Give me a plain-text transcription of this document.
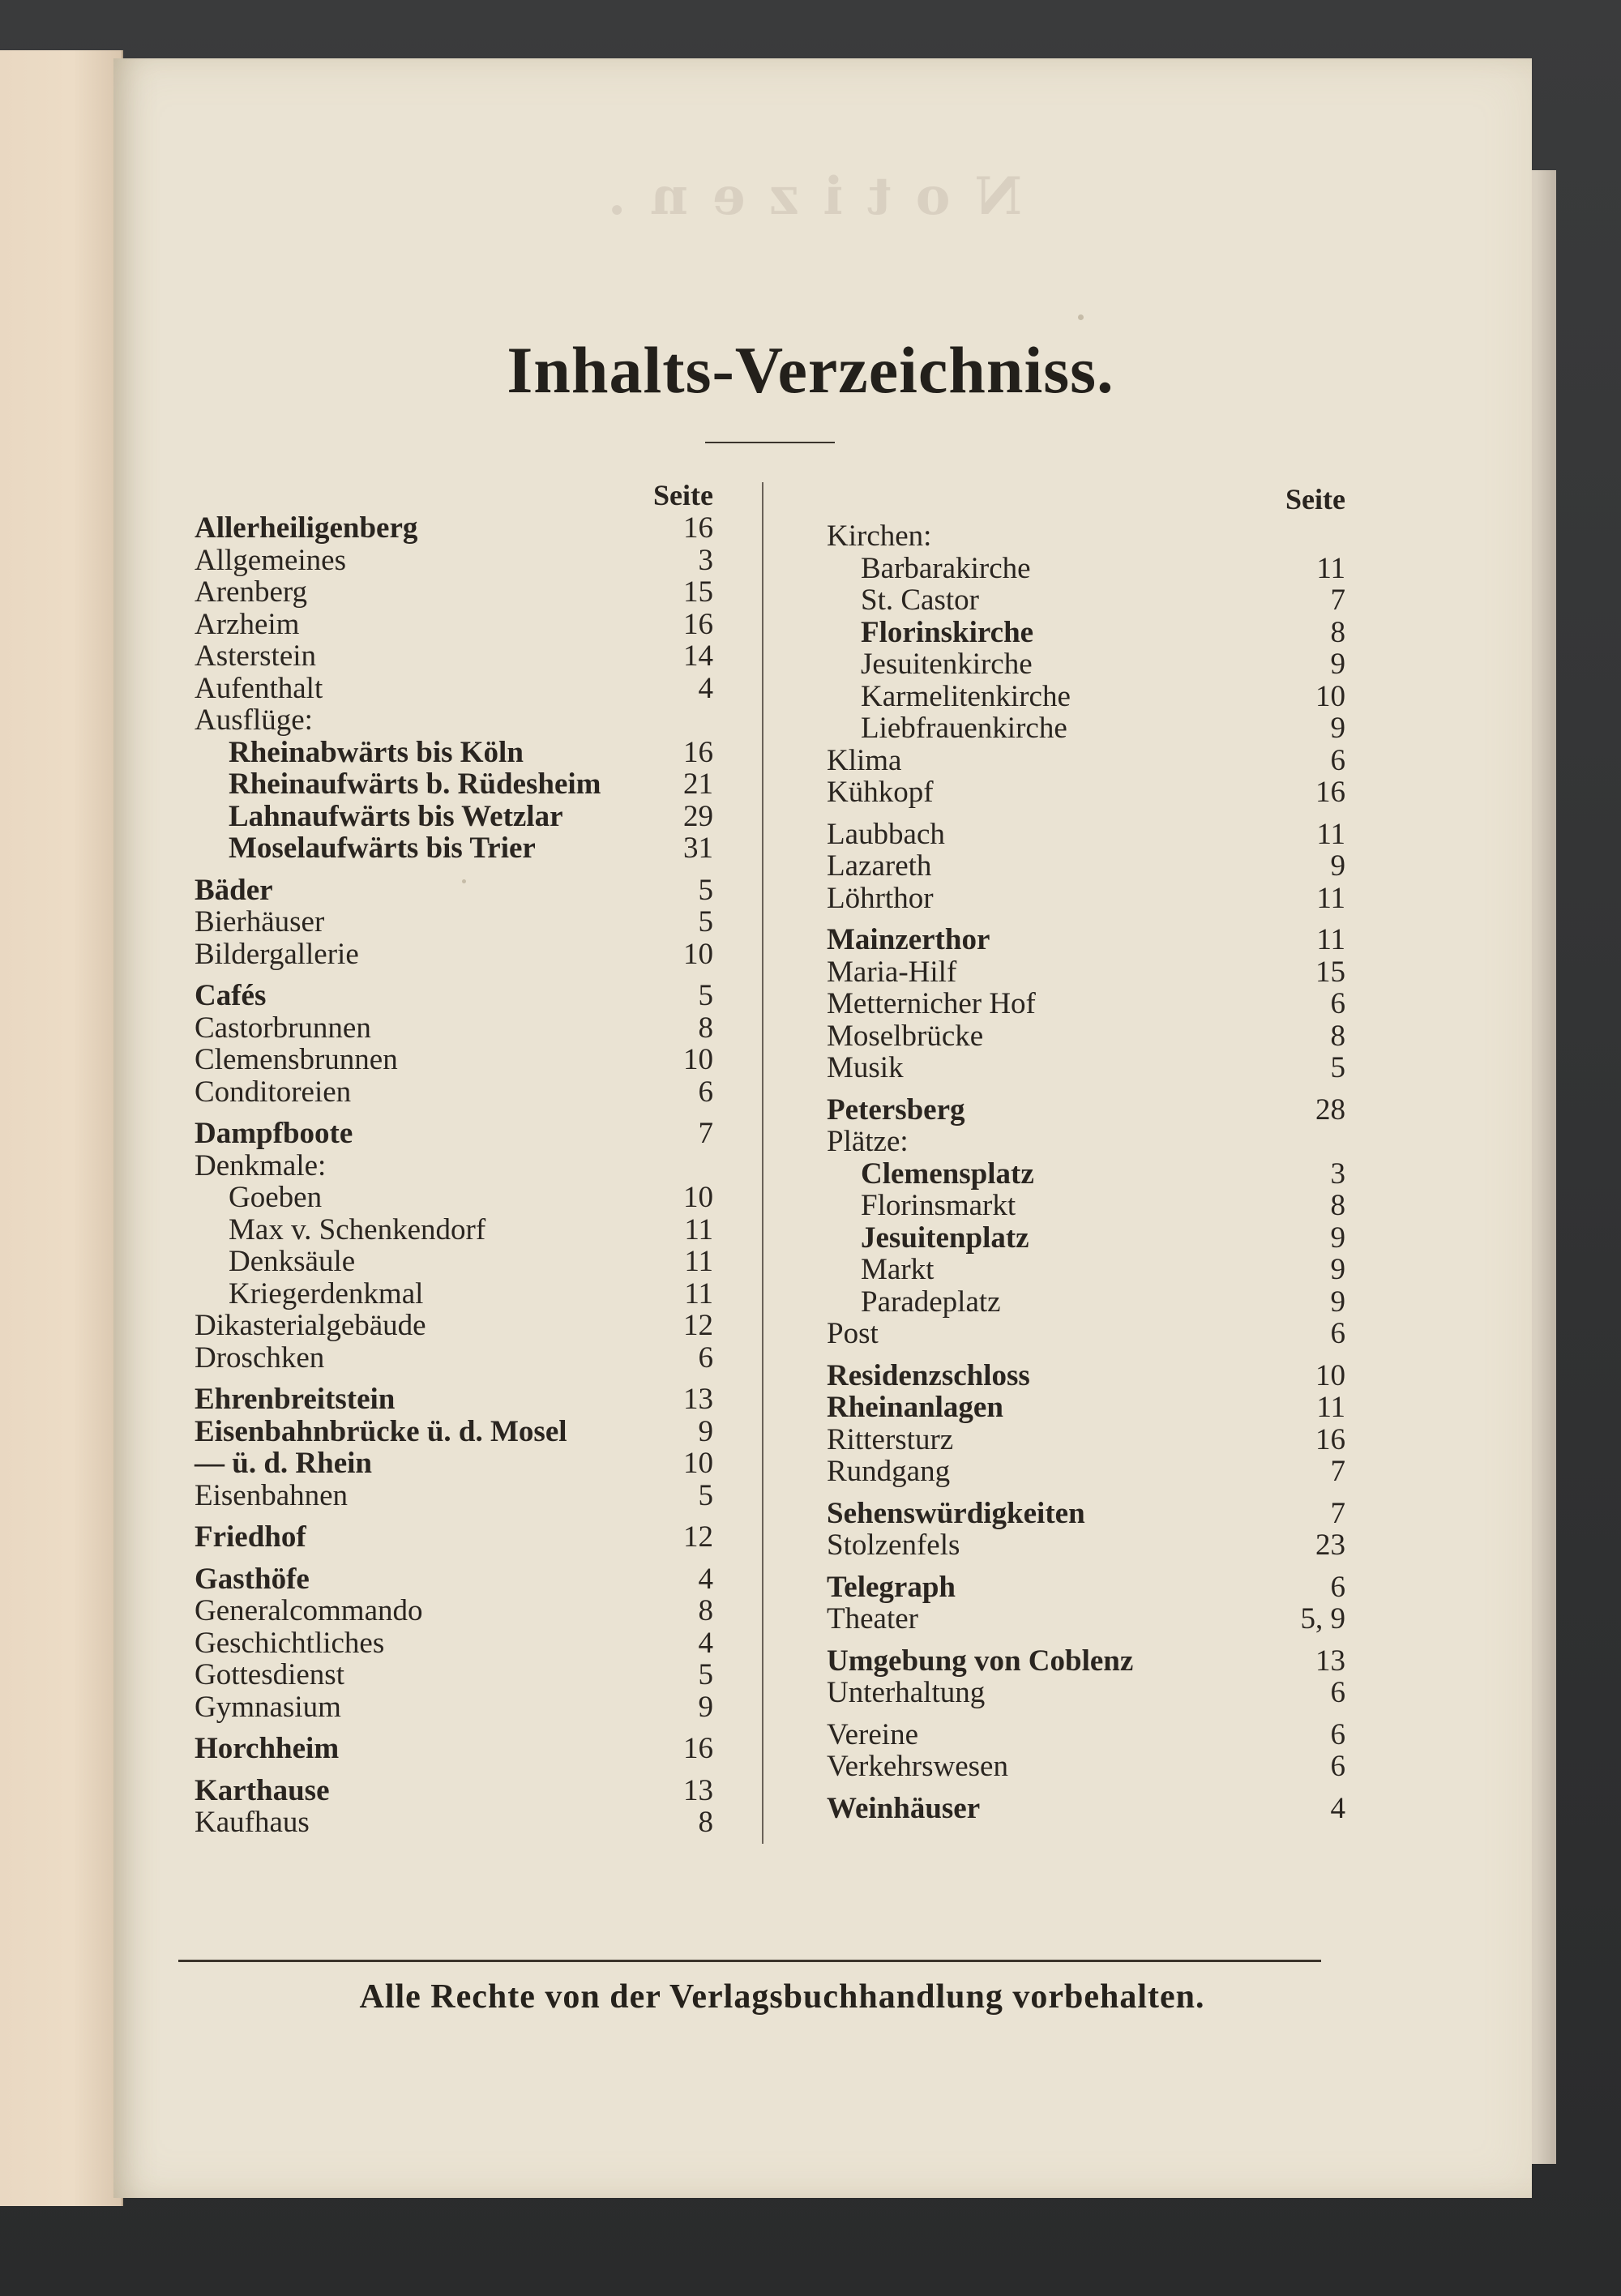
Notizen.
Inhalts-Verzeichniss.
Seite
Allerheiligenberg	16
Allgemeines	3
Arenberg	15
Arzheim	16
Asterstein	14
Aufenthalt	4
Ausflüge:
Rheinabwärts bis Köln	16
Rheinaufwärts b. Rüdesheim	21
Lahnaufwärts bis Wetzlar	29
Moselaufwärts bis Trier	31
Bäder	5
Bierhäuser	5
Bildergallerie	10
Cafés	5
Castorbrunnen	8
Clemensbrunnen	10
Conditoreien	6
Dampfboote	7
Denkmale:
Goeben	10
Max v. Schenkendorf	11
Denksäule	11
Kriegerdenkmal	11
Dikasterialgebäude	12
Droschken	6
Ehrenbreitstein	13
Eisenbahnbrücke ü. d. Mosel	9
— ü. d. Rhein	10
Eisenbahnen	5
Friedhof	12
Gasthöfe	4
Generalcommando	8
Geschichtliches	4
Gottesdienst	5
Gymnasium	9
Horchheim	16
Karthause	13
Kaufhaus	8
Seite
Kirchen:
Barbarakirche	11
St. Castor	7
Florinskirche	8
Jesuitenkirche	9
Karmelitenkirche	10
Liebfrauenkirche	9
Klima	6
Kühkopf	16
Laubbach	11
Lazareth	9
Löhrthor	11
Mainzerthor	11
Maria-Hilf	15
Metternicher Hof	6
Moselbrücke	8
Musik	5
Petersberg	28
Plätze:
Clemensplatz	3
Florinsmarkt	8
Jesuitenplatz	9
Markt	9
Paradeplatz	9
Post	6
Residenzschloss	10
Rheinanlagen	11
Rittersturz	16
Rundgang	7
Sehenswürdigkeiten	7
Stolzenfels	23
Telegraph	6
Theater	5, 9
Umgebung von Coblenz	13
Unterhaltung	6
Vereine	6
Verkehrswesen	6
Weinhäuser	4
Alle Rechte von der Verlagsbuchhandlung vorbehalten.
